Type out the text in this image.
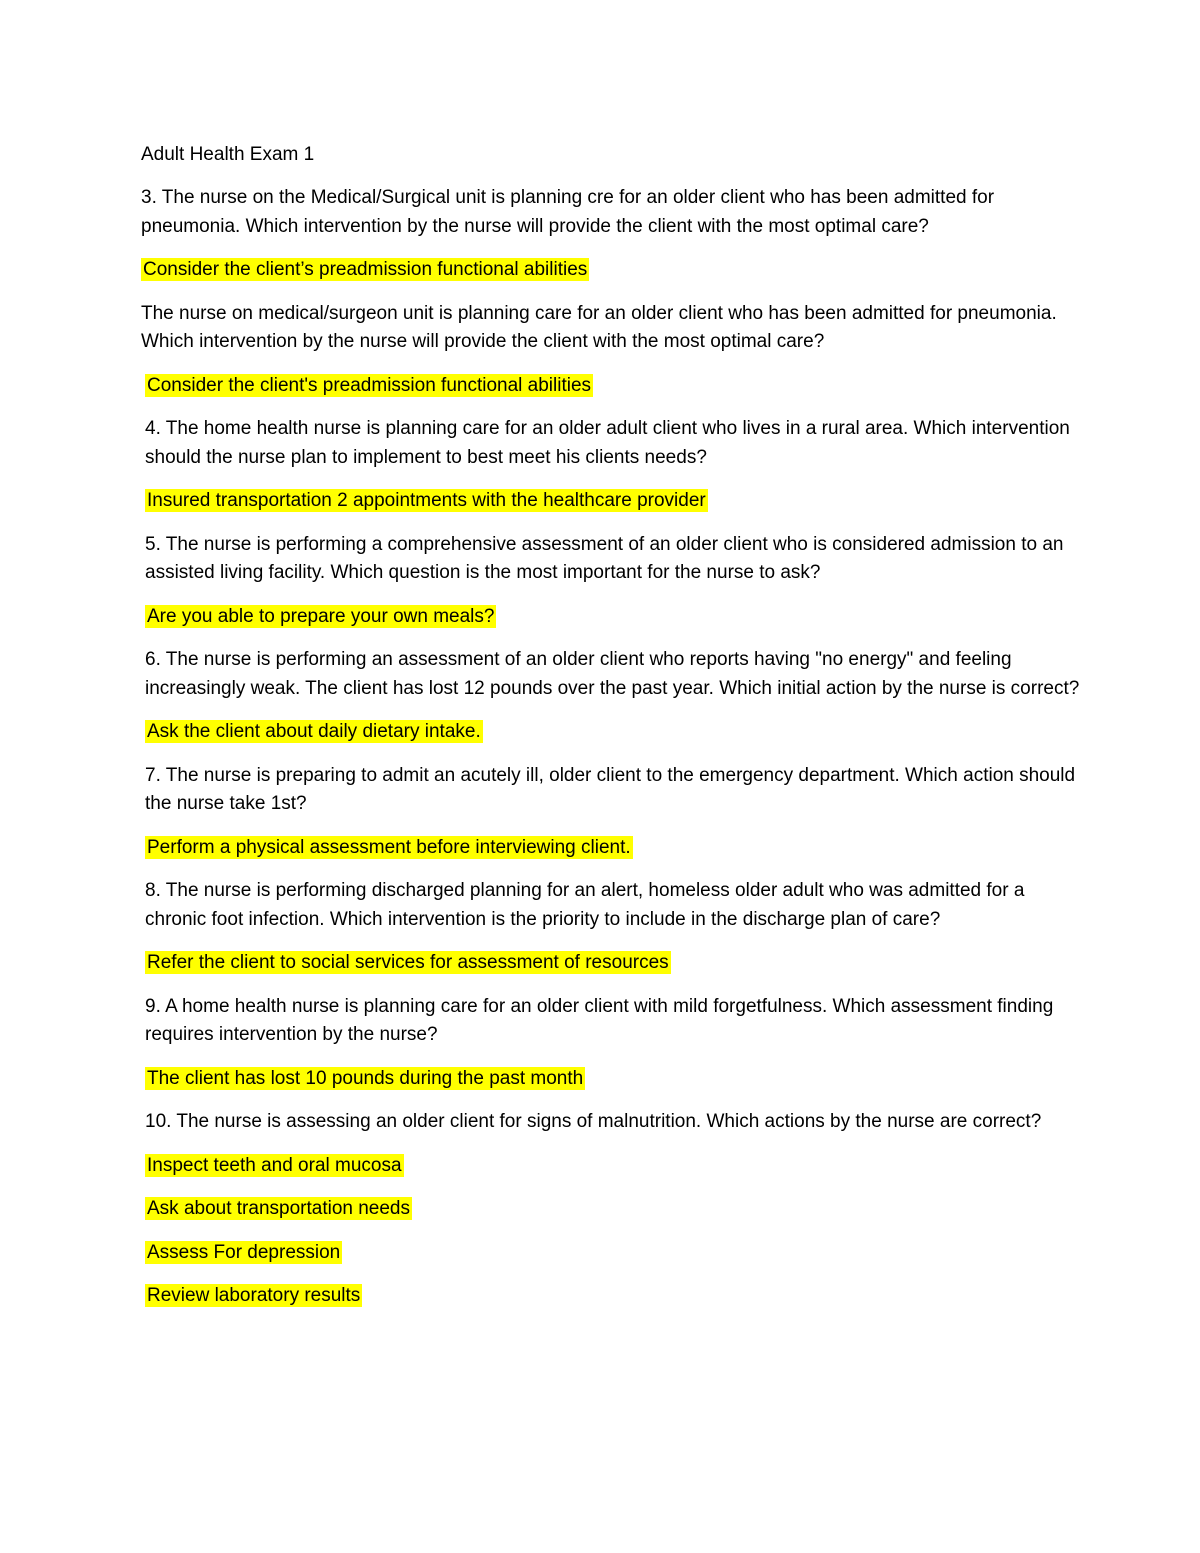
Adult Health Exam 1

3. The nurse on the Medical/Surgical unit is planning cre for an older client who has been admitted for pneumonia. Which intervention by the nurse will provide the client with the most optimal care?

Consider the client’s preadmission functional abilities

The nurse on medical/surgeon unit is planning care for an older client who has been admitted for pneumonia. Which intervention by the nurse will provide the client with the most optimal care?

Consider the client's preadmission functional abilities

4. The home health nurse is planning care for an older adult client who lives in a rural area. Which intervention should the nurse plan to implement to best meet his clients needs?

Insured transportation 2 appointments with the healthcare provider

5. The nurse is performing a comprehensive assessment of an older client who is considered admission to an assisted living facility. Which question is the most important for the nurse to ask?

Are you able to prepare your own meals?

6. The nurse is performing an assessment of an older client who reports having "no energy" and feeling increasingly weak. The client has lost 12 pounds over the past year. Which initial action by the nurse is correct?

Ask the client about daily dietary intake.

7. The nurse is preparing to admit an acutely ill, older client to the emergency department. Which action should the nurse take 1st?

Perform a physical assessment before interviewing client.

8. The nurse is performing discharged planning for an alert, homeless older adult who was admitted for a chronic foot infection. Which intervention is the priority to include in the discharge plan of care?

Refer the client to social services for assessment of resources

9. A home health nurse is planning care for an older client with mild forgetfulness. Which assessment finding requires intervention by the nurse?

The client has lost 10 pounds during the past month

10. The nurse is assessing an older client for signs of malnutrition. Which actions by the nurse are correct?

Inspect teeth and oral mucosa

Ask about transportation needs

Assess For depression

Review laboratory results
